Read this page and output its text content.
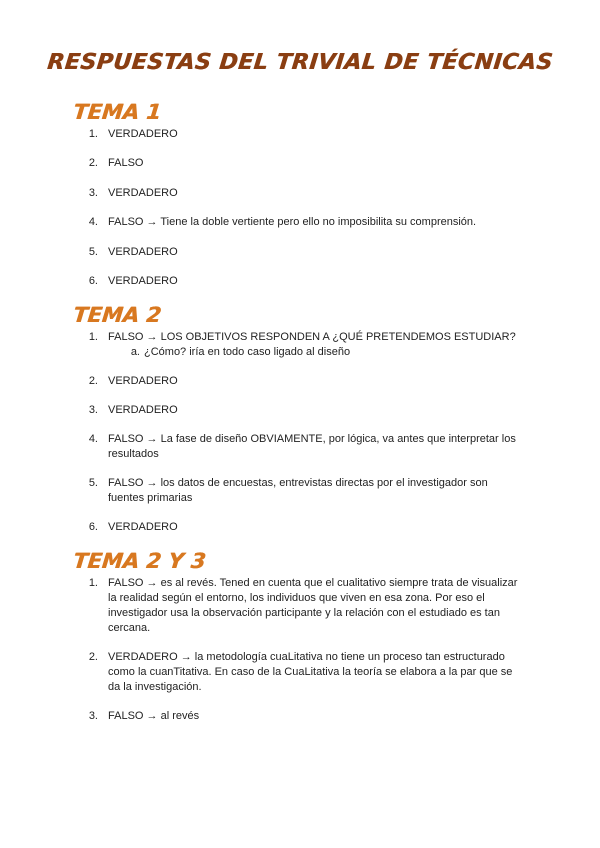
RESPUESTAS DEL TRIVIAL DE TÉCNICAS
TEMA 1
1. VERDADERO
2. FALSO
3. VERDADERO
4. FALSO → Tiene la doble vertiente pero ello no imposibilita su comprensión.
5. VERDADERO
6. VERDADERO
TEMA 2
1. FALSO → LOS OBJETIVOS RESPONDEN A ¿QUÉ PRETENDEMOS ESTUDIAR?
a. ¿Cómo? iría en todo caso ligado al diseño
2. VERDADERO
3. VERDADERO
4. FALSO → La fase de diseño OBVIAMENTE, por lógica, va antes que interpretar los
resultados
5. FALSO → los datos de encuestas, entrevistas directas por el investigador son
fuentes primarias
6. VERDADERO
TEMA 2 Y 3
1. FALSO → es al revés. Tened en cuenta que el cualitativo siempre trata de visualizar
la realidad según el entorno, los individuos que viven en esa zona. Por eso el
investigador usa la observación participante y la relación con el estudiado es tan
cercana.
2. VERDADERO → la metodología cuaLitativa no tiene un proceso tan estructurado
como la cuanTitativa. En caso de la CuaLitativa la teoría se elabora a la par que se
da la investigación.
3. FALSO → al revés
